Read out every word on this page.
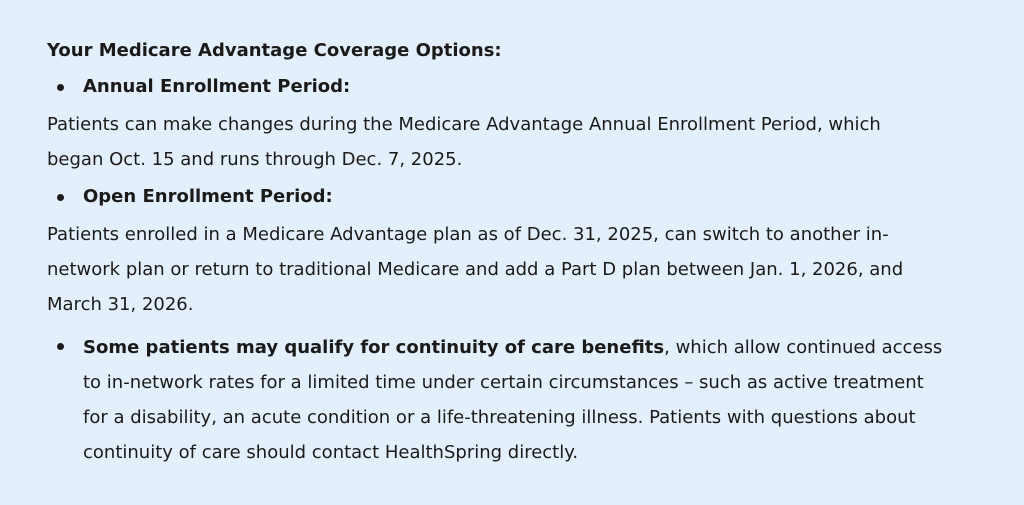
Your Medicare Advantage Coverage Options:
Annual Enrollment Period:
Patients can make changes during the Medicare Advantage Annual Enrollment Period, which
began Oct. 15 and runs through Dec. 7, 2025.
Open Enrollment Period:
Patients enrolled in a Medicare Advantage plan as of Dec. 31, 2025, can switch to another in-
network plan or return to traditional Medicare and add a Part D plan between Jan. 1, 2026, and
March 31, 2026.
Some patients may qualify for continuity of care benefits, which allow continued access
to in-network rates for a limited time under certain circumstances – such as active treatment
for a disability, an acute condition or a life-threatening illness. Patients with questions about
continuity of care should contact HealthSpring directly.
